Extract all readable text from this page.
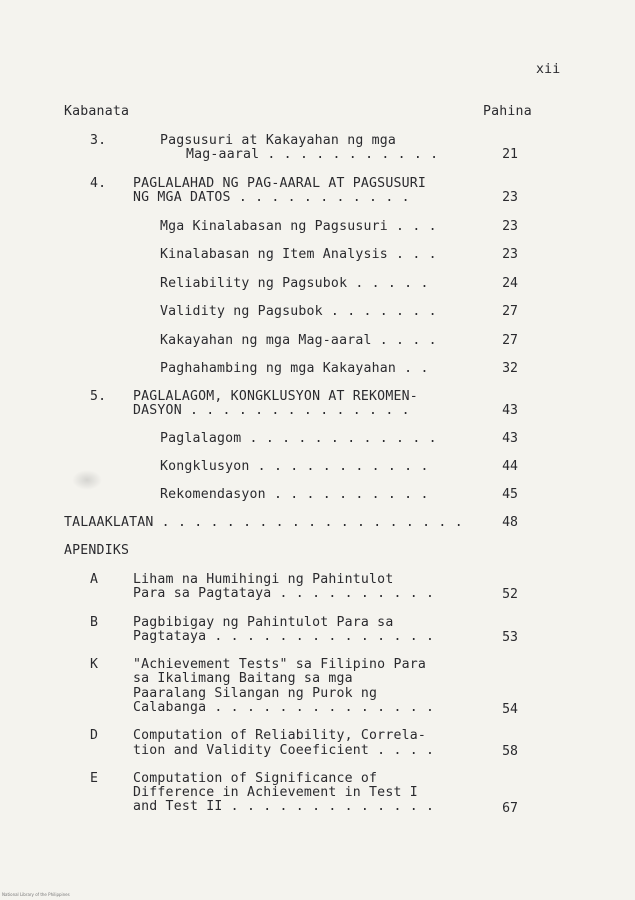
xii
Kabanata	Pahina
3.	Pagsusuri at Kakayahan ng mga
Mag-aaral . . . . . . . . . . .	21
4. PAGLALAHAD NG PAG-AARAL AT PAGSUSURI
NG MGA DATOS . . . . . . . . . . .	23
Mga Kinalabasan ng Pagsusuri . . .	23
Kinalabasan ng Item Analysis . . .	23
Reliability ng Pagsubok . . . . .	24
Validity ng Pagsubok . . . . . . .	27
Kakayahan ng mga Mag-aaral . . . .	27
Paghahambing ng mga Kakayahan . .	32
5. PAGLALAGOM, KONGKLUSYON AT REKOMEN-
DASYON . . . . . . . . . . . . . .	43
Paglalagom . . . . . . . . . . . .	43
Kongklusyon . . . . . . . . . . .	44
Rekomendasyon . . . . . . . . . .	45
TALAAKLATAN . . . . . . . . . . . . . . . . . . .	48
APENDIKS
A	Liham na Humihingi ng Pahintulot
Para sa Pagtataya . . . . . . . . . .	52
B	Pagbibigay ng Pahintulot Para sa
Pagtataya . . . . . . . . . . . . . .	53
K	"Achievement Tests" sa Filipino Para
sa Ikalimang Baitang sa mga
Paaralang Silangan ng Purok ng
Calabanga . . . . . . . . . . . . . .	54
D	Computation of Reliability, Correla-
tion and Validity Coeeficient . . . .	58
E	Computation of Significance of
Difference in Achievement in Test I
and Test II . . . . . . . . . . . . .	67
National Library of the Philippines
